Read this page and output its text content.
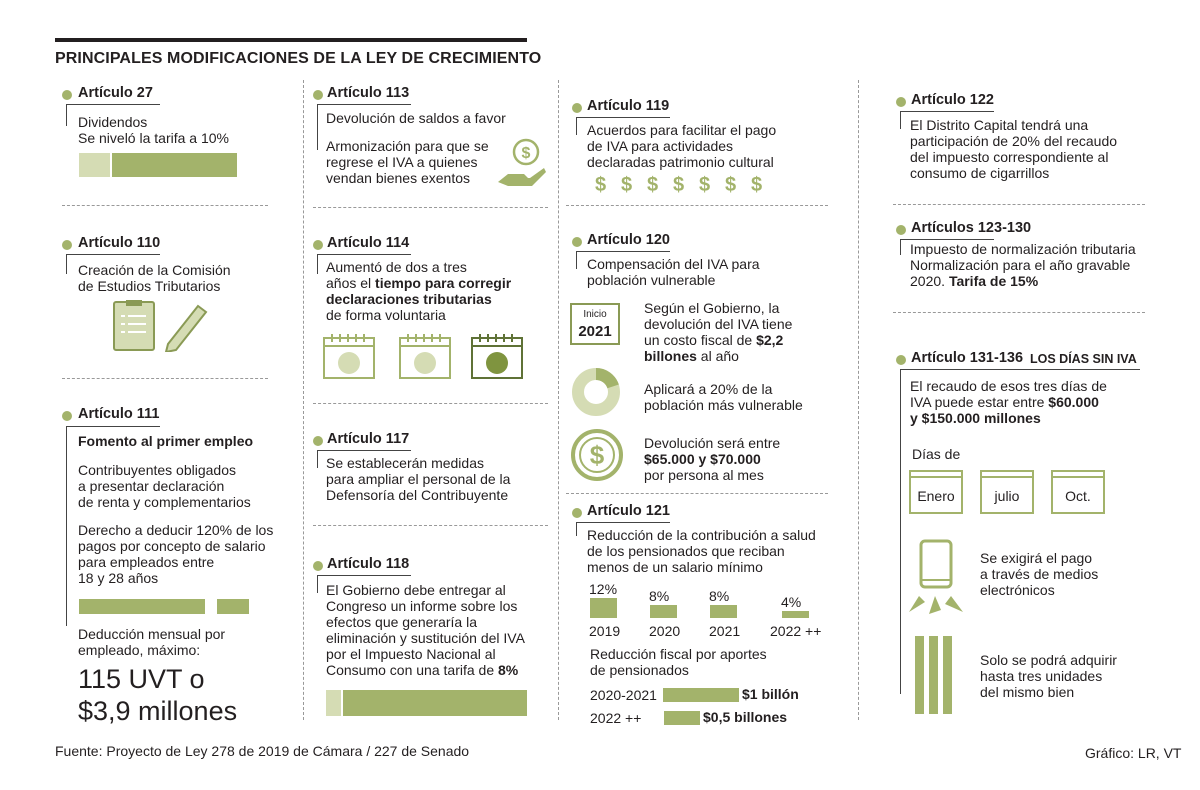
PRINCIPALES MODIFICACIONES DE LA LEY DE CRECIMIENTO
Artículo 27
Dividendos
Se niveló la tarifa a 10%
Artículo 110
Creación de la Comisión
de Estudios Tributarios
Artículo 111
Fomento al primer empleo
Contribuyentes obligados
a presentar declaración
de renta y complementarios
Derecho a deducir 120% de los
pagos por concepto de salario
para empleados entre
18 y 28 años
Deducción mensual por
empleado, máximo:
115 UVT o
$3,9 millones
Artículo 113
Devolución de saldos a favor
Armonización para que se
regrese el IVA a quienes
vendan bienes exentos
$
Artículo 114
Aumentó de dos a tres
años el tiempo para corregir
declaraciones tributarias
de forma voluntaria
Artículo 117
Se establecerán medidas
para ampliar el personal de la
Defensoría del Contribuyente
Artículo 118
El Gobierno debe entregar al
Congreso un informe sobre los
efectos que generaría la
eliminación y sustitución del IVA
por el Impuesto Nacional al
Consumo con una tarifa de 8%
Artículo 119
Acuerdos para facilitar el pago
de IVA para actividades
declaradas patrimonio cultural
$ $ $ $ $ $ $
Artículo 120
Compensación del IVA para
población vulnerable
Inicio
2021
Según el Gobierno, la
devolución del IVA tiene
un costo fiscal de $2,2
billones al año
Aplicará a 20% de la
población más vulnerable
$	Devolución será entre
$65.000 y $70.000
por persona al mes
Artículo 121
Reducción de la contribución a salud
de los pensionados que reciban
menos de un salario mínimo
12%
2019
8%
2020
8%
2021
4%
2022 ++
Reducción fiscal por aportes
de pensionados
2020-2021	$1 billón
2022 ++	$0,5 billones
Artículo 122
El Distrito Capital tendrá una
participación de 20% del recaudo
del impuesto correspondiente al
consumo de cigarrillos
Artículos 123-130
Impuesto de normalización tributaria
Normalización para el año gravable
2020. Tarifa de 15%
Artículo 131-136 LOS DÍAS SIN IVA
El recaudo de esos tres días de
IVA puede estar entre $60.000
y $150.000 millones
Días de
Enero	julio	Oct.
Se exigirá el pago
a través de medios
electrónicos
Solo se podrá adquirir
hasta tres unidades
del mismo bien
Fuente: Proyecto de Ley 278 de 2019 de Cámara / 227 de Senado	Gráfico: LR, VT
